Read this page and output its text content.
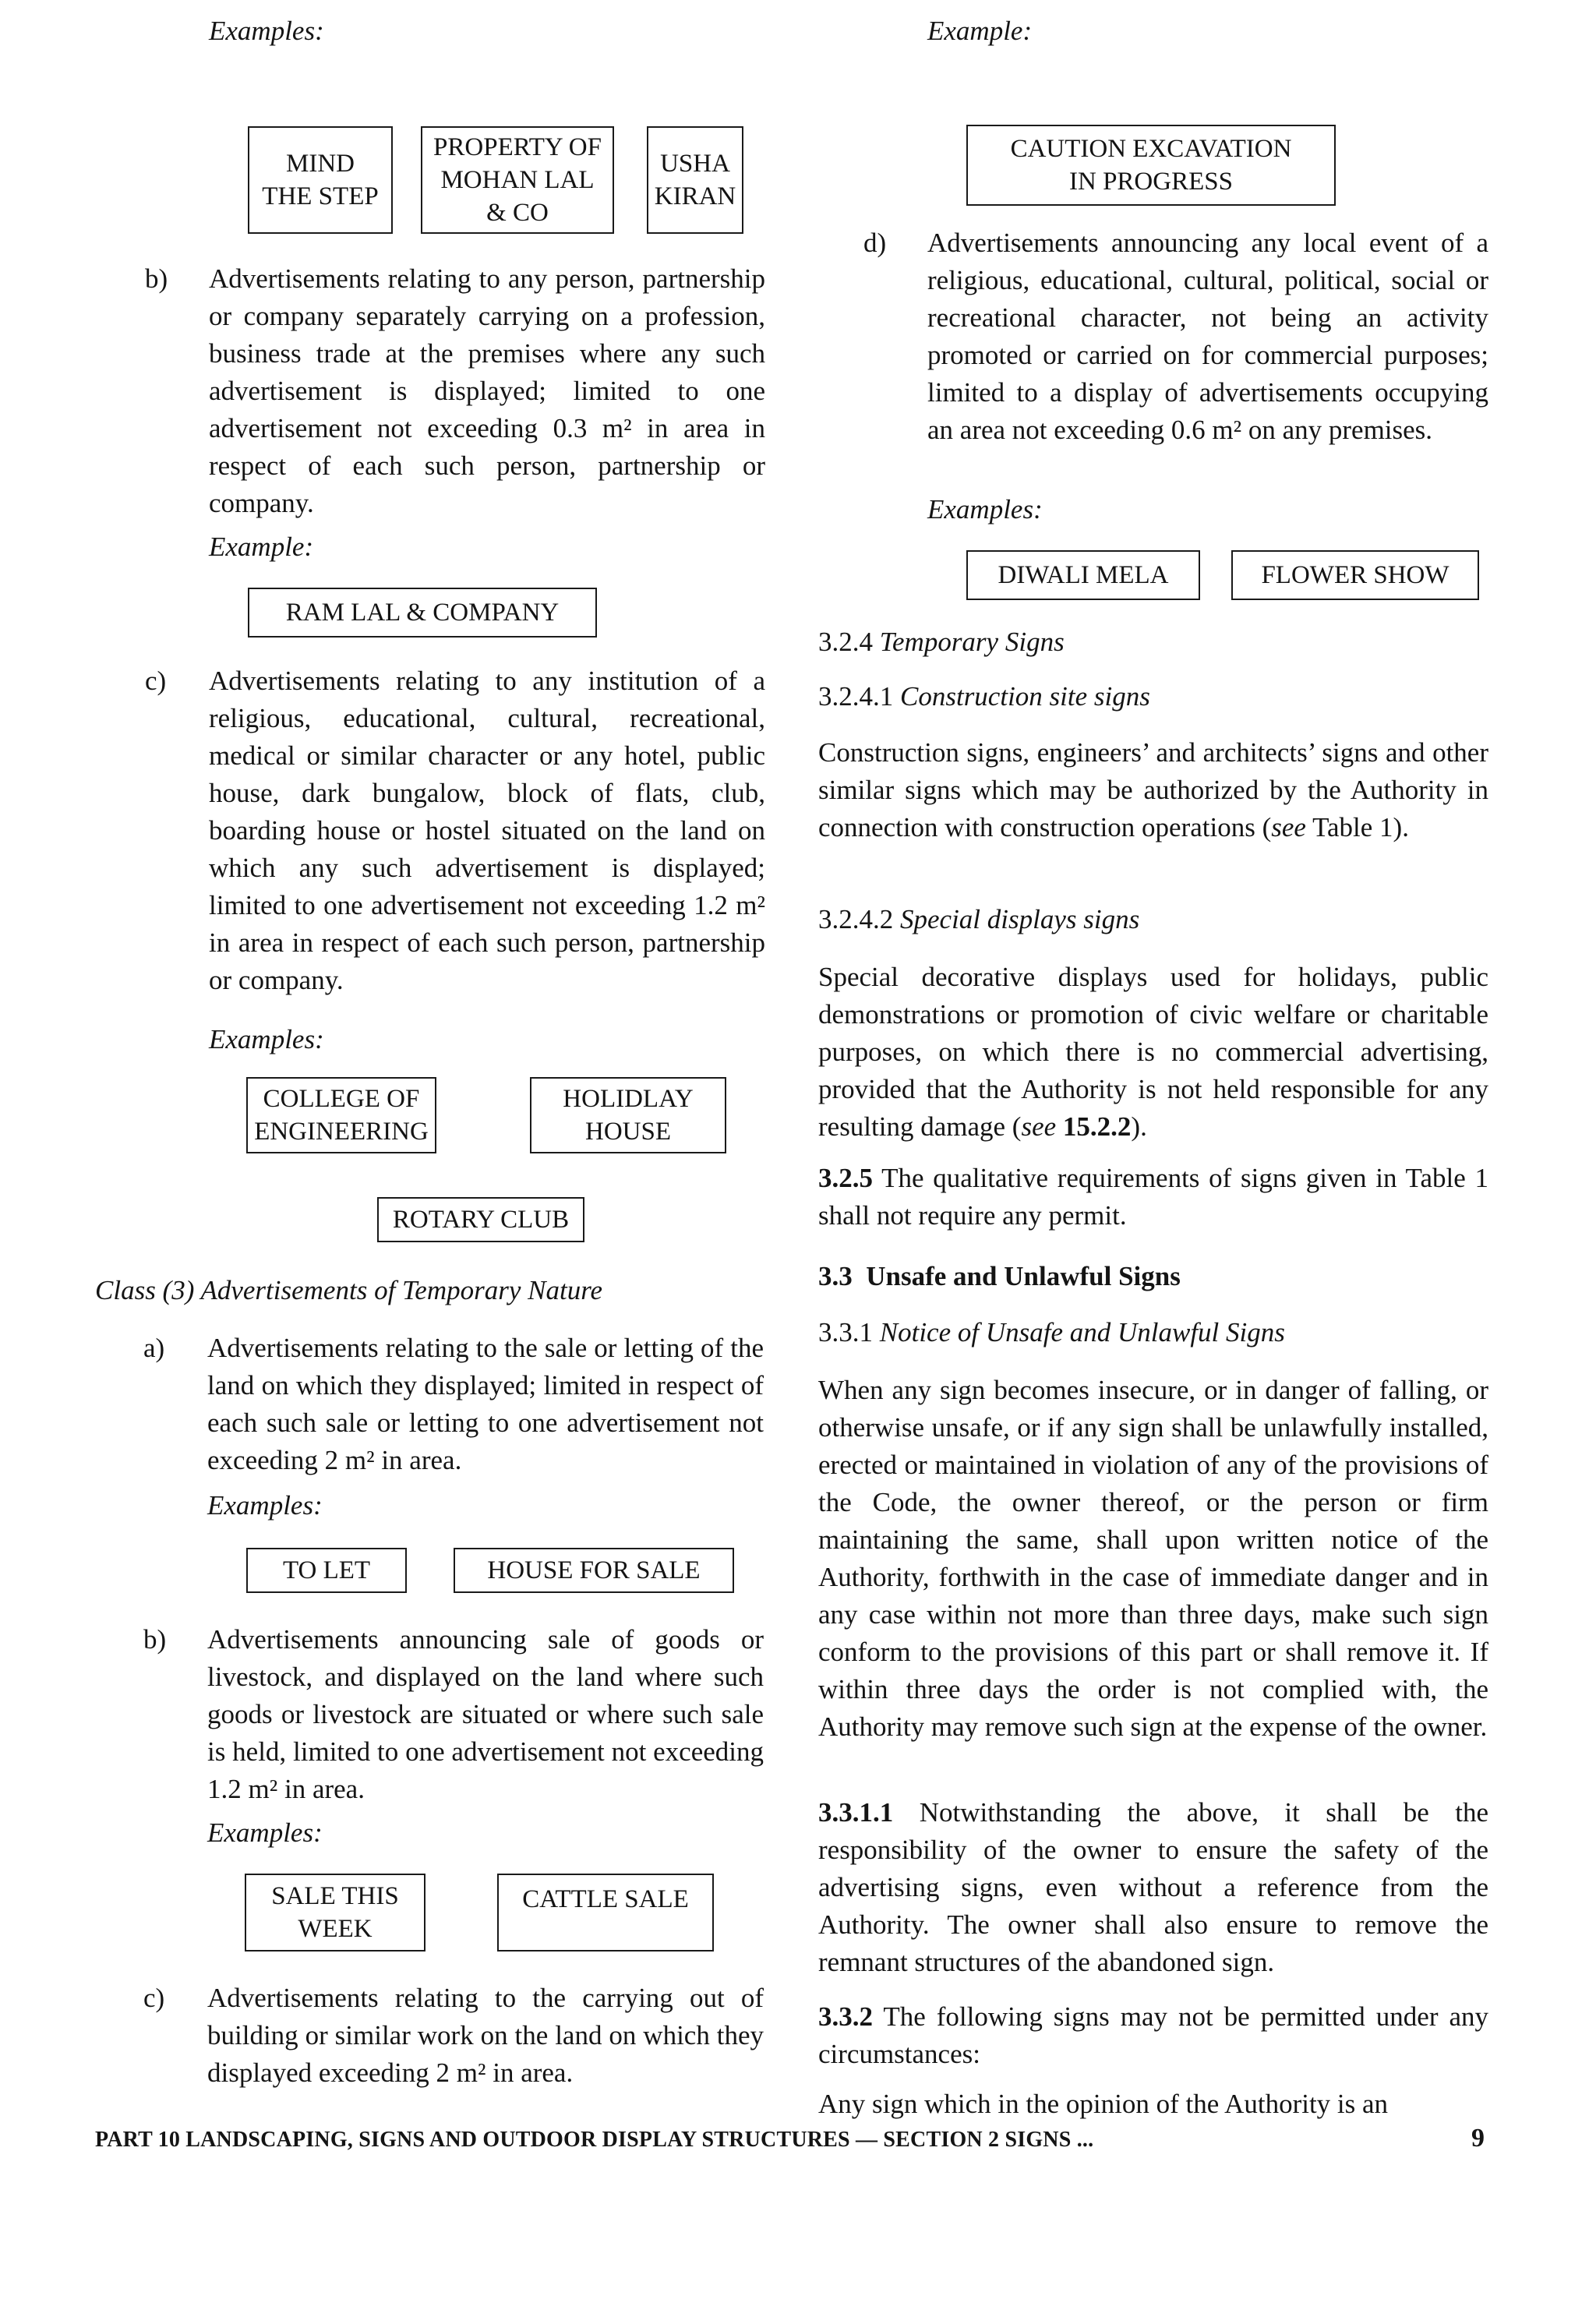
Examples:
MIND
THE STEP
PROPERTY OF
MOHAN LAL
& CO
USHA
KIRAN
b) Advertisements relating to any person, partnership or company separately carrying on a profession, business trade at the premises where any such advertisement is displayed; limited to one advertisement not exceeding 0.3 m² in area in respect of each such person, partnership or company.
Example:
RAM LAL & COMPANY
c) Advertisements relating to any institution of a religious, educational, cultural, recreational, medical or similar character or any hotel, public house, dark bungalow, block of flats, club, boarding house or hostel situated on the land on which any such advertisement is displayed; limited to one advertisement not exceeding 1.2 m² in area in respect of each such person, partnership or company.
Examples:
COLLEGE OF
ENGINEERING
HOLIDLAY
HOUSE
ROTARY CLUB
Class (3) Advertisements of Temporary Nature
a) Advertisements relating to the sale or letting of the land on which they displayed; limited in respect of each such sale or letting to one advertisement not exceeding 2 m² in area.
Examples:
TO LET	HOUSE FOR SALE
b) Advertisements announcing sale of goods or livestock, and displayed on the land where such goods or livestock are situated or where such sale is held, limited to one advertisement not exceeding 1.2 m² in area.
Examples:
SALE THIS
WEEK
CATTLE SALE
c) Advertisements relating to the carrying out of building or similar work on the land on which they displayed exceeding 2 m² in area.
Example:
CAUTION EXCAVATION
IN PROGRESS
d) Advertisements announcing any local event of a religious, educational, cultural, political, social or recreational character, not being an activity promoted or carried on for commercial purposes; limited to a display of advertisements occupying an area not exceeding 0.6 m² on any premises.
Examples:
DIWALI MELA	FLOWER SHOW
3.2.4 Temporary Signs
3.2.4.1 Construction site signs
Construction signs, engineers’ and architects’ signs and other similar signs which may be authorized by the Authority in connection with construction operations (see Table 1).
3.2.4.2 Special displays signs
Special decorative displays used for holidays, public demonstrations or promotion of civic welfare or charitable purposes, on which there is no commercial advertising, provided that the Authority is not held responsible for any resulting damage (see 15.2.2).
3.2.5 The qualitative requirements of signs given in Table 1 shall not require any permit.
3.3 Unsafe and Unlawful Signs
3.3.1 Notice of Unsafe and Unlawful Signs
When any sign becomes insecure, or in danger of falling, or otherwise unsafe, or if any sign shall be unlawfully installed, erected or maintained in violation of any of the provisions of the Code, the owner thereof, or the person or firm maintaining the same, shall upon written notice of the Authority, forthwith in the case of immediate danger and in any case within not more than three days, make such sign conform to the provisions of this part or shall remove it. If within three days the order is not complied with, the Authority may remove such sign at the expense of the owner.
3.3.1.1 Notwithstanding the above, it shall be the responsibility of the owner to ensure the safety of the advertising signs, even without a reference from the Authority. The owner shall also ensure to remove the remnant structures of the abandoned sign.
3.3.2 The following signs may not be permitted under any circumstances:
Any sign which in the opinion of the Authority is an
PART 10 LANDSCAPING, SIGNS AND OUTDOOR DISPLAY STRUCTURES — SECTION 2 SIGNS ...	9
